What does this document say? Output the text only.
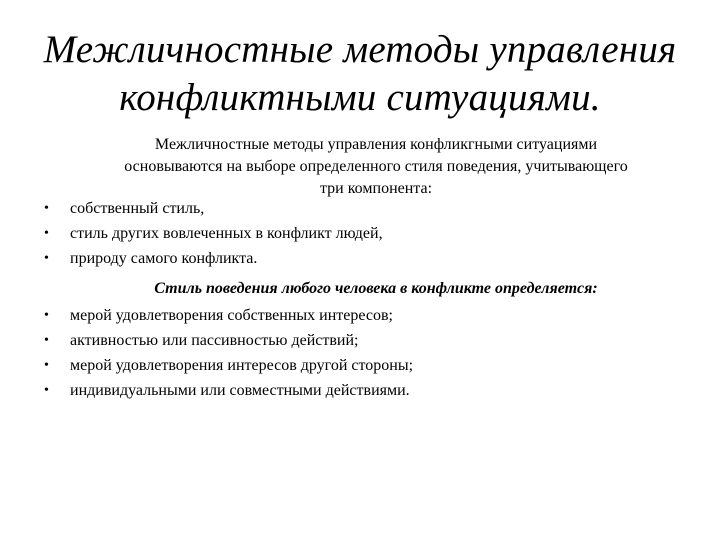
Межличностные методы управления
конфликтными ситуациями.
Межличностные методы управления конфликгными ситуациями
основываются на выборе определенного стиля поведения, учитывающего
три компонента:
•	собственный стиль,
•	стиль других вовлеченных в конфликт людей,
•	природу самого конфликта.
Стиль поведения любого человека в конфликте определяется:
•	мерой удовлетворения собственных интересов;
•	активностью или пассивностью действий;
•	мерой удовлетворения интересов другой стороны;
•	индивидуальными или совместными действиями.
